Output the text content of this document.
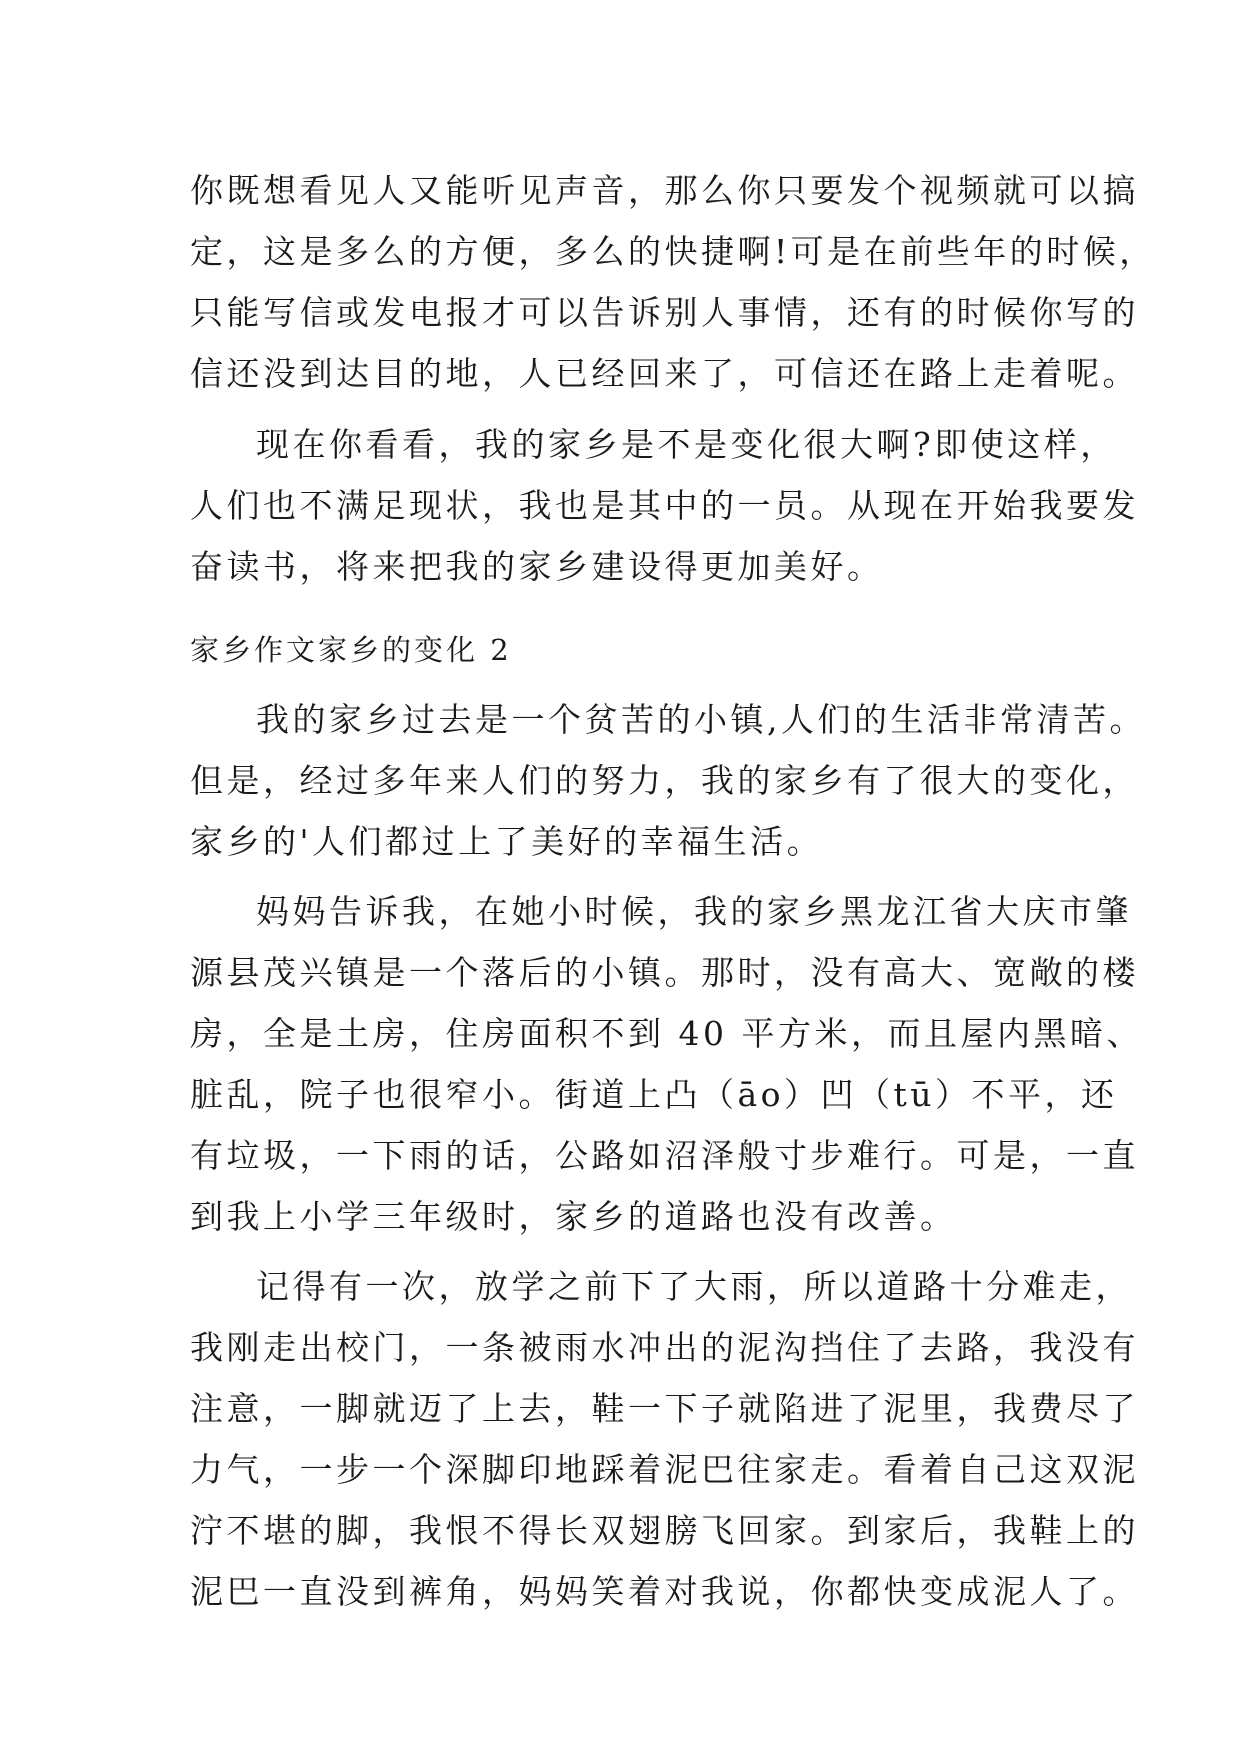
你既想看见人又能听见声音，那么你只要发个视频就可以搞
定，这是多么的方便，多么的快捷啊!可是在前些年的时候，
只能写信或发电报才可以告诉别人事情，还有的时候你写的
信还没到达目的地，人已经回来了，可信还在路上走着呢。
现在你看看，我的家乡是不是变化很大啊?即使这样，
人们也不满足现状，我也是其中的一员。从现在开始我要发
奋读书，将来把我的家乡建设得更加美好。
家乡作文家乡的变化 2
我的家乡过去是一个贫苦的小镇,人们的生活非常清苦。
但是，经过多年来人们的努力，我的家乡有了很大的变化，
家乡的'人们都过上了美好的幸福生活。
妈妈告诉我，在她小时候，我的家乡黑龙江省大庆市肇
源县茂兴镇是一个落后的小镇。那时，没有高大、宽敞的楼
房，全是土房，住房面积不到 40 平方米，而且屋内黑暗、
脏乱，院子也很窄小。街道上凸（āo）凹（tū）不平，还
有垃圾，一下雨的话，公路如沼泽般寸步难行。可是，一直
到我上小学三年级时，家乡的道路也没有改善。
记得有一次，放学之前下了大雨，所以道路十分难走，
我刚走出校门，一条被雨水冲出的泥沟挡住了去路，我没有
注意，一脚就迈了上去，鞋一下子就陷进了泥里，我费尽了
力气，一步一个深脚印地踩着泥巴往家走。看着自己这双泥
泞不堪的脚，我恨不得长双翅膀飞回家。到家后，我鞋上的
泥巴一直没到裤角，妈妈笑着对我说，你都快变成泥人了。
